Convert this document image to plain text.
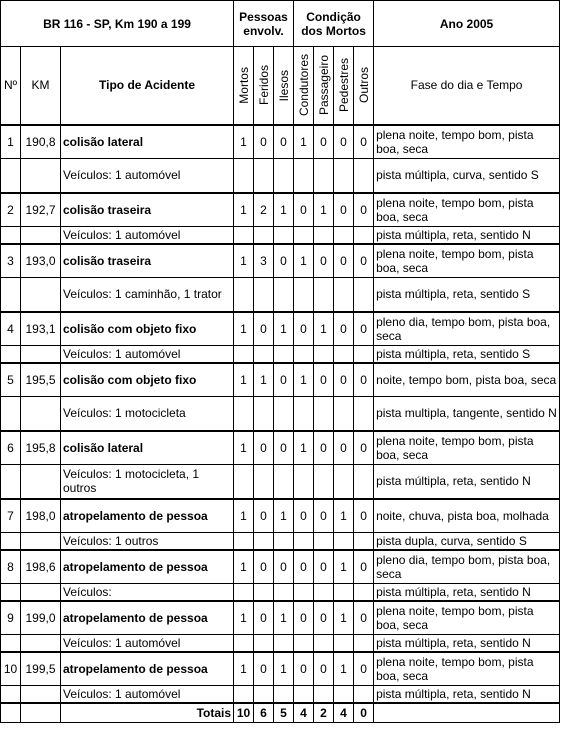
BR 116 - SP, Km 190 a 199			Pessoas envolv.			Condição dos Mortos				Ano 2005
Nº	KM	Tipo de Acidente	Mortos	Feridos	Ilesos	Condutores	Passageiro	Pedestres	Outros	Fase do dia e Tempo
1	190,8	colisão lateral	1	0	0	1	0	0	0	plena noite, tempo bom, pista boa, seca
		Veículos: 1 automóvel								pista múltipla, curva, sentido S
2	192,7	colisão traseira	1	2	1	0	1	0	0	plena noite, tempo bom, pista boa, seca
		Veículos: 1 automóvel								pista múltipla, reta, sentido N
3	193,0	colisão traseira	1	3	0	1	0	0	0	plena noite, tempo bom, pista boa, seca
		Veículos: 1 caminhão, 1 trator								pista múltipla, reta, sentido S
4	193,1	colisão com objeto fixo	1	0	1	0	1	0	0	pleno dia, tempo bom, pista boa, seca
		Veículos: 1 automóvel								pista múltipla, reta, sentido S
5	195,5	colisão com objeto fixo	1	1	0	1	0	0	0	noite, tempo bom, pista boa, seca
		Veículos: 1 motocicleta								pista multipla, tangente, sentido N
6	195,8	colisão lateral	1	0	0	1	0	0	0	plena noite, tempo bom, pista boa, seca
		Veículos: 1 motocicleta, 1 outros								pista múltipla, reta, sentido N
7	198,0	atropelamento de pessoa	1	0	1	0	0	1	0	noite, chuva, pista boa, molhada
		Veículos: 1 outros								pista dupla, curva, sentido S
8	198,6	atropelamento de pessoa	1	0	0	0	0	1	0	pleno dia, tempo bom, pista boa, seca
		Veículos:								pista múltipla, reta, sentido N
9	199,0	atropelamento de pessoa	1	0	1	0	0	1	0	plena noite, tempo bom, pista boa, seca
		Veículos: 1 automóvel								pista múltipla, reta, sentido N
10	199,5	atropelamento de pessoa	1	0	1	0	0	1	0	plena noite, tempo bom, pista boa, seca
		Veículos: 1 automóvel								pista múltipla, reta, sentido N
		Totais	10	6	5	4	2	4	0	
